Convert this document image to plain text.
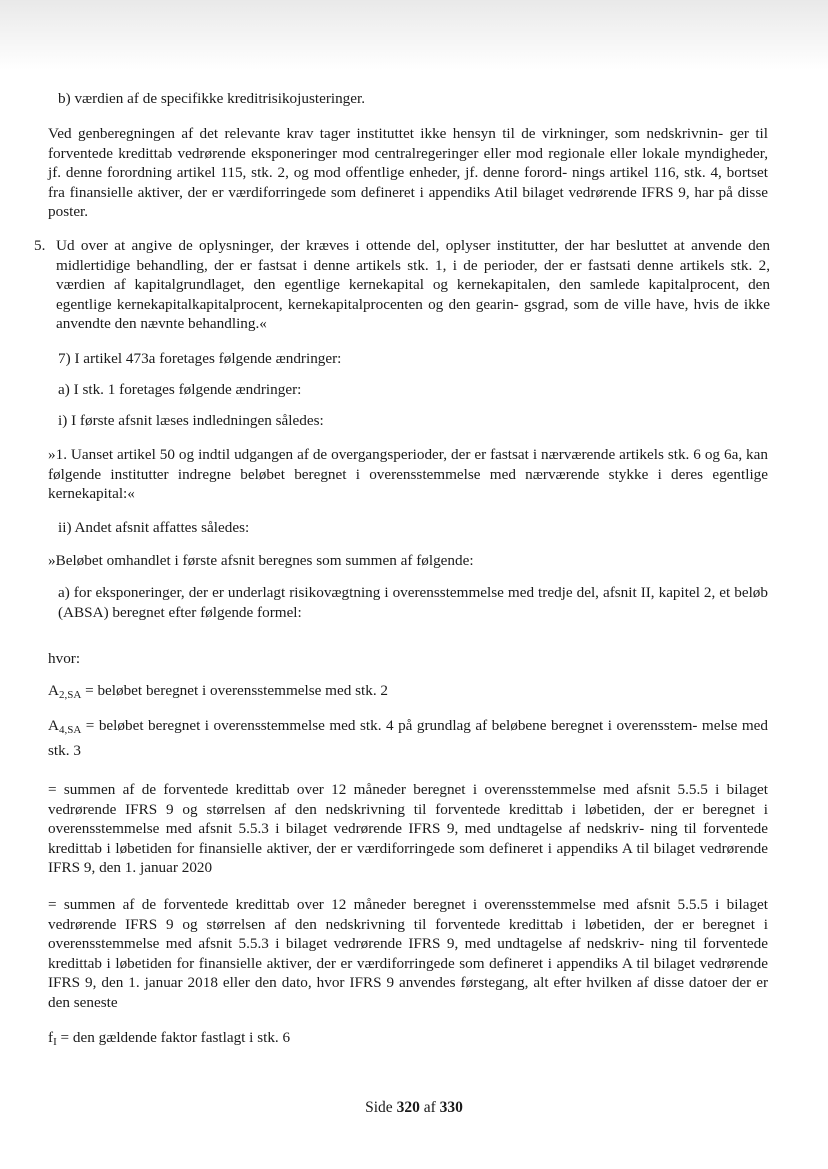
b) værdien af de specifikke kreditrisikojusteringer.

Ved genberegningen af det relevante krav tager instituttet ikke hensyn til de virkninger, som nedskrivnin- ger til forventede kredittab vedrørende eksponeringer mod centralregeringer eller mod regionale eller lokale myndigheder, jf. denne forordning artikel 115, stk. 2, og mod offentlige enheder, jf. denne forord- nings artikel 116, stk. 4, bortset fra finansielle aktiver, der er værdiforringede som defineret i appendiks Atil bilaget vedrørende IFRS 9, har på disse poster.

5. Ud over at angive de oplysninger, der kræves i ottende del, oplyser institutter, der har besluttet at anvende den midlertidige behandling, der er fastsat i denne artikels stk. 1, i de perioder, der er fastsati denne artikels stk. 2, værdien af kapitalgrundlaget, den egentlige kernekapital og kernekapitalen, den samlede kapitalprocent, den egentlige kernekapitalkapitalprocent, kernekapitalprocenten og den gearin- gsgrad, som de ville have, hvis de ikke anvendte den nævnte behandling.«

7) I artikel 473a foretages følgende ændringer:

a) I stk. 1 foretages følgende ændringer:

i) I første afsnit læses indledningen således:

»1. Uanset artikel 50 og indtil udgangen af de overgangsperioder, der er fastsat i nærværende artikels stk. 6 og 6a, kan følgende institutter indregne beløbet beregnet i overensstemmelse med nærværende stykke i deres egentlige kernekapital:«

ii) Andet afsnit affattes således:

»Beløbet omhandlet i første afsnit beregnes som summen af følgende:

a) for eksponeringer, der er underlagt risikovægtning i overensstemmelse med tredje del, afsnit II, kapitel 2, et beløb (ABSA) beregnet efter følgende formel:

hvor:

A2,SA = beløbet beregnet i overensstemmelse med stk. 2

A4,SA = beløbet beregnet i overensstemmelse med stk. 4 på grundlag af beløbene beregnet i overensstem- melse med stk. 3

= summen af de forventede kredittab over 12 måneder beregnet i overensstemmelse med afsnit 5.5.5 i bilaget vedrørende IFRS 9 og størrelsen af den nedskrivning til forventede kredittab i løbetiden, der er beregnet i overensstemmelse med afsnit 5.5.3 i bilaget vedrørende IFRS 9, med undtagelse af nedskriv- ning til forventede kredittab i løbetiden for finansielle aktiver, der er værdiforringede som defineret i appendiks A til bilaget vedrørende IFRS 9, den 1. januar 2020

= summen af de forventede kredittab over 12 måneder beregnet i overensstemmelse med afsnit 5.5.5 i bilaget vedrørende IFRS 9 og størrelsen af den nedskrivning til forventede kredittab i løbetiden, der er beregnet i overensstemmelse med afsnit 5.5.3 i bilaget vedrørende IFRS 9, med undtagelse af nedskriv- ning til forventede kredittab i løbetiden for finansielle aktiver, der er værdiforringede som defineret i appendiks A til bilaget vedrørende IFRS 9, den 1. januar 2018 eller den dato, hvor IFRS 9 anvendes førstegang, alt efter hvilken af disse datoer der er den seneste

fI = den gældende faktor fastlagt i stk. 6

Side 320 af 330
